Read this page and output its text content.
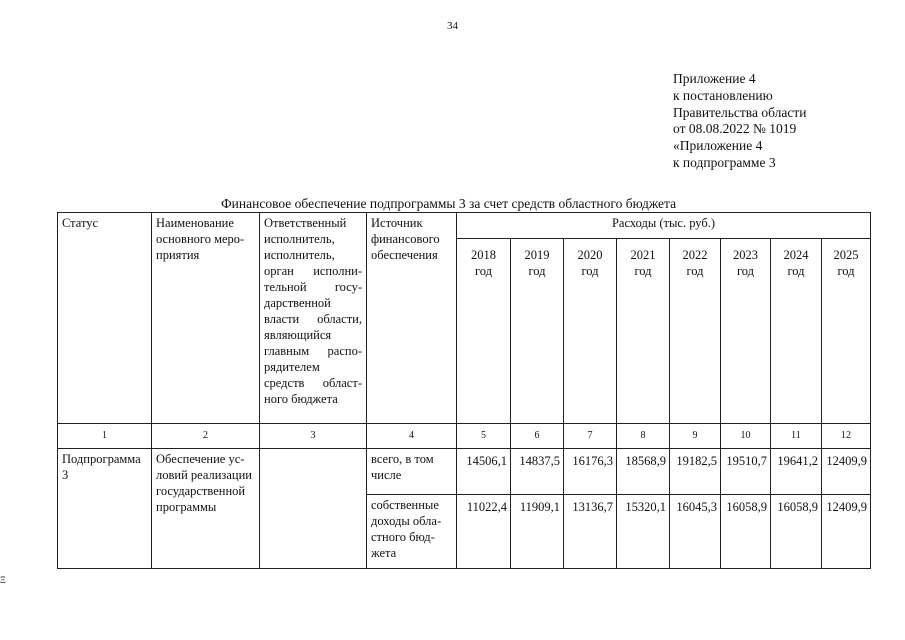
34
Приложение 4
к постановлению
Правительства области
от 08.08.2022 № 1019
«Приложение 4
к подпрограмме 3
Финансовое обеспечение подпрограммы 3 за счет средств областного бюджета
Статус	Наименование основного мероприятия	Ответственный исполнитель, исполнитель, орган исполнительной государственной власти области, являющийся главным распорядителем средств областного бюджета	Источник финансового обеспечения	Расходы (тыс. руб.)							
				2018 год	2019 год	2020 год	2021 год	2022 год	2023 год	2024 год	2025 год
1	2	3	4	5	6	7	8	9	10	11	12
Подпрограмма 3	Обеспечение условий реализации государственной программы		всего, в том числе	14506,1	14837,5	16176,3	18568,9	19182,5	19510,7	19641,2	12409,9
			собственные доходы областного бюджета	11022,4	11909,1	13136,7	15320,1	16045,3	16058,9	16058,9	12409,9
Ξ
